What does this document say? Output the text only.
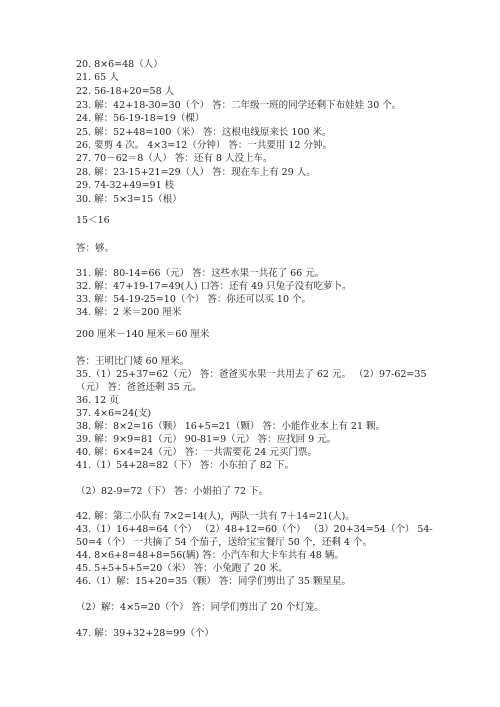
20. 8×6=48（人）
21. 65 人
22. 56-18+20=58 人
23. 解：42+18-30=30（个） 答：二年级一班的同学还剩下布娃娃 30 个。
24. 解：56-19-18=19（棵）
25. 解：52+48=100（米） 答：这根电线原来长 100 米。
26. 要剪 4 次。 4×3=12（分钟） 答：一共要用 12 分钟。
27. 70－62＝8（人） 答：还有 8 人没上车。
28. 解：23-15+21=29（人） 答：现在车上有 29 人。
29. 74-32+49=91 枝
30. 解：5×3=15（根）
15＜16
答：够。
31. 解：80-14=66（元） 答：这些水果一共花了 66 元。
32. 解：47+19-17=49(人) 口答：还有 49 只兔子没有吃萝卜。
33. 解：54-19-25=10（个） 答：你还可以买 10 个。
34. 解：2 米＝200 厘米
200 厘米－140 厘米＝60 厘米
答：王明比门矮 60 厘米。
35.（1）25+37=62（元） 答：爸爸买水果一共用去了 62 元。 （2）97-62=35
（元） 答：爸爸还剩 35 元。
36. 12 页
37. 4×6=24(支)
38. 解：8×2=16（颗） 16+5=21（颗） 答：小能作业本上有 21 颗。
39. 解：9×9=81（元） 90-81=9（元） 答：应找回 9 元。
40. 解：6×4=24（元） 答：一共需要花 24 元买门票。
41.（1）54+28=82（下） 答：小东拍了 82 下。
（2）82-9=72（下） 答：小娟拍了 72 下。
42. 解：第二小队有 7×2=14(人)，两队一共有 7＋14=21(人)。
43.（1）16+48=64（个） （2）48+12=60（个） （3）20+34=54（个） 54-
50=4（个） 一共摘了 54 个茄子，送给宝宝餐厅 50 个，还剩 4 个。
44. 8×6+8=48+8=56(辆) 答：小汽车和大卡车共有 48 辆。
45. 5+5+5+5=20（米） 答：小兔跑了 20 米。
46.（1）解：15+20=35（颗） 答：同学们剪出了 35 颗星星。
（2）解：4×5=20（个） 答：同学们剪出了 20 个灯笼。
47. 解：39+32+28=99（个）
